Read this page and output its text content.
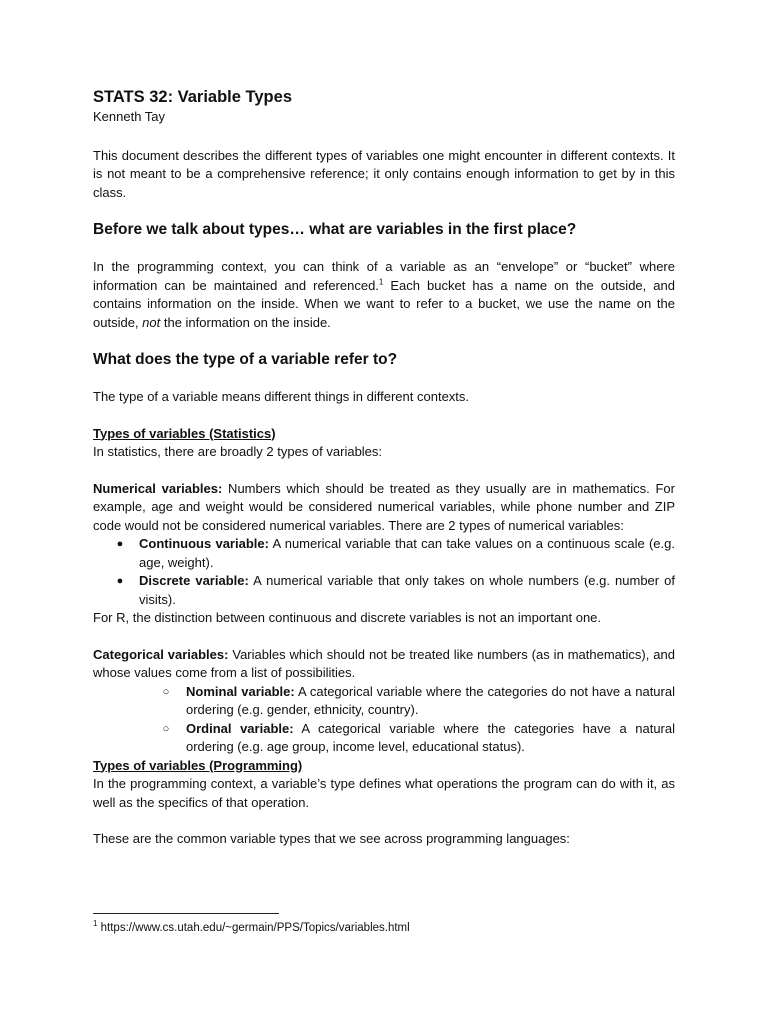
STATS 32: Variable Types
Kenneth Tay

This document describes the different types of variables one might encounter in different contexts. It is not meant to be a comprehensive reference; it only contains enough information to get by in this class.

Before we talk about types… what are variables in the first place?

In the programming context, you can think of a variable as an “envelope” or “bucket” where information can be maintained and referenced.$^1$ Each bucket has a name on the outside, and contains information on the inside. When we want to refer to a bucket, we use the name on the outside, not the information on the inside.

What does the type of a variable refer to?

The type of a variable means different things in different contexts.

Types of variables (Statistics)

In statistics, there are broadly 2 types of variables:

Numerical variables: Numbers which should be treated as they usually are in mathematics. For example, age and weight would be considered numerical variables, while phone number and ZIP code would not be considered numerical variables. There are 2 types of numerical variables:

● Continuous variable: A numerical variable that can take values on a continuous scale (e.g. age, weight).
● Discrete variable: A numerical variable that only takes on whole numbers (e.g. number of visits).

For R, the distinction between continuous and discrete variables is not an important one.

Categorical variables: Variables which should not be treated like numbers (as in mathematics), and whose values come from a list of possibilities.

○ Nominal variable: A categorical variable where the categories do not have a natural ordering (e.g. gender, ethnicity, country).
○ Ordinal variable: A categorical variable where the categories have a natural ordering (e.g. age group, income level, educational status).
Types of variables (Programming)

In the programming context, a variable’s type defines what operations the program can do with it, as well as the specifics of that operation.

These are the common variable types that we see across programming languages:

$^1$ https://www.cs.utah.edu/~germain/PPS/Topics/variables.html
